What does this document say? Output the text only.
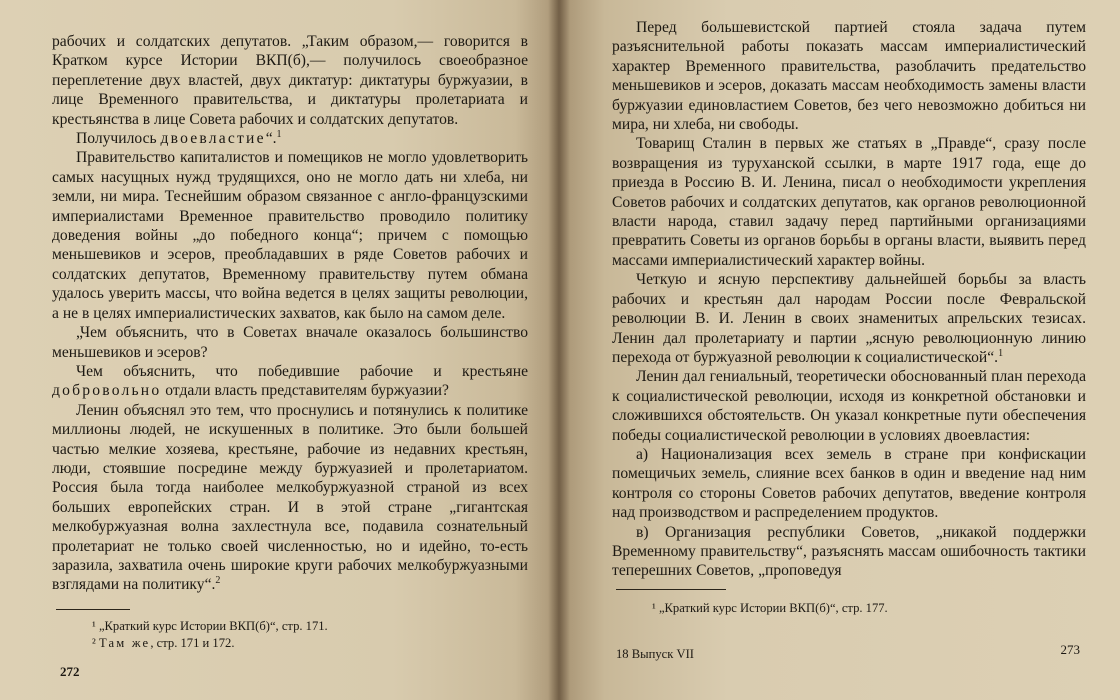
рабочих и солдатских депутатов. „Таким образом,— говорится в Кратком курсе Истории ВКП(б),— получилось своеобразное переплетение двух властей, двух диктатур: диктатуры буржуазии, в лице Временного правительства, и диктатуры пролетариата и крестьянства в лице Совета рабочих и солдатских депутатов.

Получилось двоевластие“.$^1$

Правительство капиталистов и помещиков не могло удовлетворить самых насущных нужд трудящихся, оно не могло дать ни хлеба, ни земли, ни мира. Теснейшим образом связанное с англо-французскими империалистами Временное правительство проводило политику доведения войны „до победного конца“; причем с помощью меньшевиков и эсеров, преобладавших в ряде Советов рабочих и солдатских депутатов, Временному правительству путем обмана удалось уверить массы, что война ведется в целях защиты революции, а не в целях империалистических захватов, как было на самом деле.

„Чем объяснить, что в Советах вначале оказалось большинство меньшевиков и эсеров?

Чем объяснить, что победившие рабочие и крестьяне добровольно отдали власть представителям буржуазии?

Ленин объяснял это тем, что проснулись и потянулись к политике миллионы людей, не искушенных в политике. Это были большей частью мелкие хозяева, крестьяне, рабочие из недавних крестьян, люди, стоявшие посредине между буржуазией и пролетариатом. Россия была тогда наиболее мелкобуржуазной страной из всех больших европейских стран. И в этой стране „гигантская мелкобуржуазная волна захлестнула все, подавила сознательный пролетариат не только своей численностью, но и идейно, то-есть заразила, захватила очень широкие круги рабочих мелкобуржуазными взглядами на политику“.$^2$

¹ „Краткий курс Истории ВКП(б)“, стр. 171.

² Там же, стр. 171 и 172.

272

Перед большевистской партией стояла задача путем разъяснительной работы показать массам империалистический характер Временного правительства, разоблачить предательство меньшевиков и эсеров, доказать массам необходимость замены власти буржуазии единовластием Советов, без чего невозможно добиться ни мира, ни хлеба, ни свободы.

Товарищ Сталин в первых же статьях в „Правде“, сразу после возвращения из туруханской ссылки, в марте 1917 года, еще до приезда в Россию В. И. Ленина, писал о необходимости укрепления Советов рабочих и солдатских депутатов, как органов революционной власти народа, ставил задачу перед партийными организациями превратить Советы из органов борьбы в органы власти, выявить перед массами империалистический характер войны.

Четкую и ясную перспективу дальнейшей борьбы за власть рабочих и крестьян дал народам России после Февральской революции В. И. Ленин в своих знаменитых апрельских тезисах. Ленин дал пролетариату и партии „ясную революционную линию перехода от буржуазной революции к социалистической“.$^1$

Ленин дал гениальный, теоретически обоснованный план перехода к социалистической революции, исходя из конкретной обстановки и сложившихся обстоятельств. Он указал конкретные пути обеспечения победы социалистической революции в условиях двоевластия:

а) Национализация всех земель в стране при конфискации помещичьих земель, слияние всех банков в один и введение над ним контроля со стороны Советов рабочих депутатов, введение контроля над производством и распределением продуктов.

в) Организация республики Советов, „никакой поддержки Временному правительству“, разъяснять массам ошибочность тактики теперешних Советов, „проповедуя

¹ „Краткий курс Истории ВКП(б)“, стр. 177.

18 Выпуск VII	273
